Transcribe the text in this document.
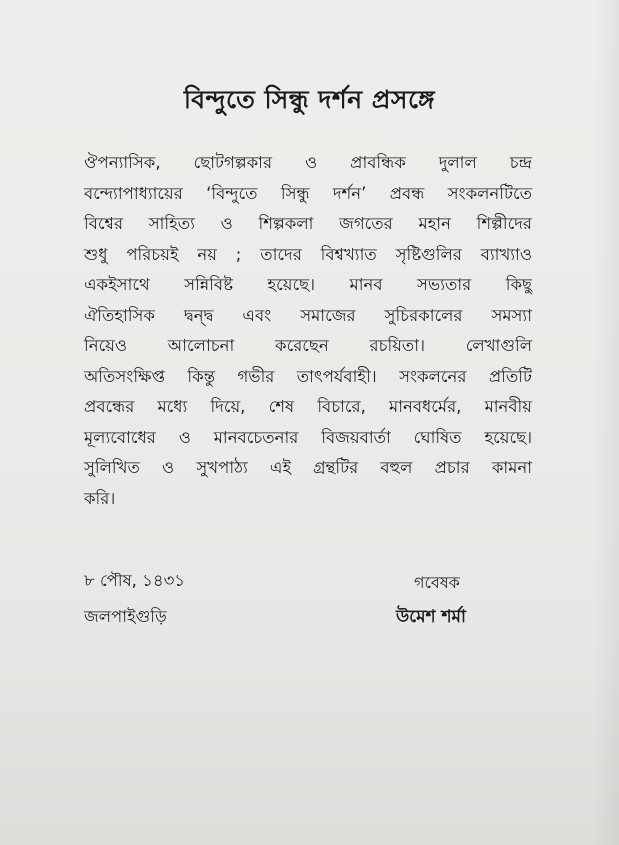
বিন্দুতে সিন্ধু দর্শন প্রসঙ্গে
ঔপন্যাসিক, ছোটগল্পকার ও প্রাবন্ধিক দুলাল চন্দ্র
বন্দ্যোপাধ্যায়ের ‘বিন্দুতে সিন্ধু দর্শন’ প্রবন্ধ সংকলনটিতে
বিশ্বের সাহিত্য ও শিল্পকলা জগতের মহান শিল্পীদের
শুধু পরিচয়ই নয় ; তাদের বিশ্বখ্যাত সৃষ্টিগুলির ব্যাখ্যাও
একইসাথে সন্নিবিষ্ট হয়েছে। মানব সভ্যতার কিছু
ঐতিহাসিক দ্বন্দ্ব এবং সমাজের সুচিরকালের সমস্যা
নিয়েও আলোচনা করেছেন রচয়িতা। লেখাগুলি
অতিসংক্ষিপ্ত কিন্তু গভীর তাৎপর্যবাহী। সংকলনের প্রতিটি
প্রবন্ধের মধ্যে দিয়ে, শেষ বিচারে, মানবধর্মের, মানবীয়
মূল্যবোধের ও মানবচেতনার বিজয়বার্তা ঘোষিত হয়েছে।
সুলিখিত ও সুখপাঠ্য এই গ্রন্থটির বহুল প্রচার কামনা
করি।
৮ পৌষ, ১৪৩১
জলপাইগুড়ি
গবেষক
উমেশ শর্মা
